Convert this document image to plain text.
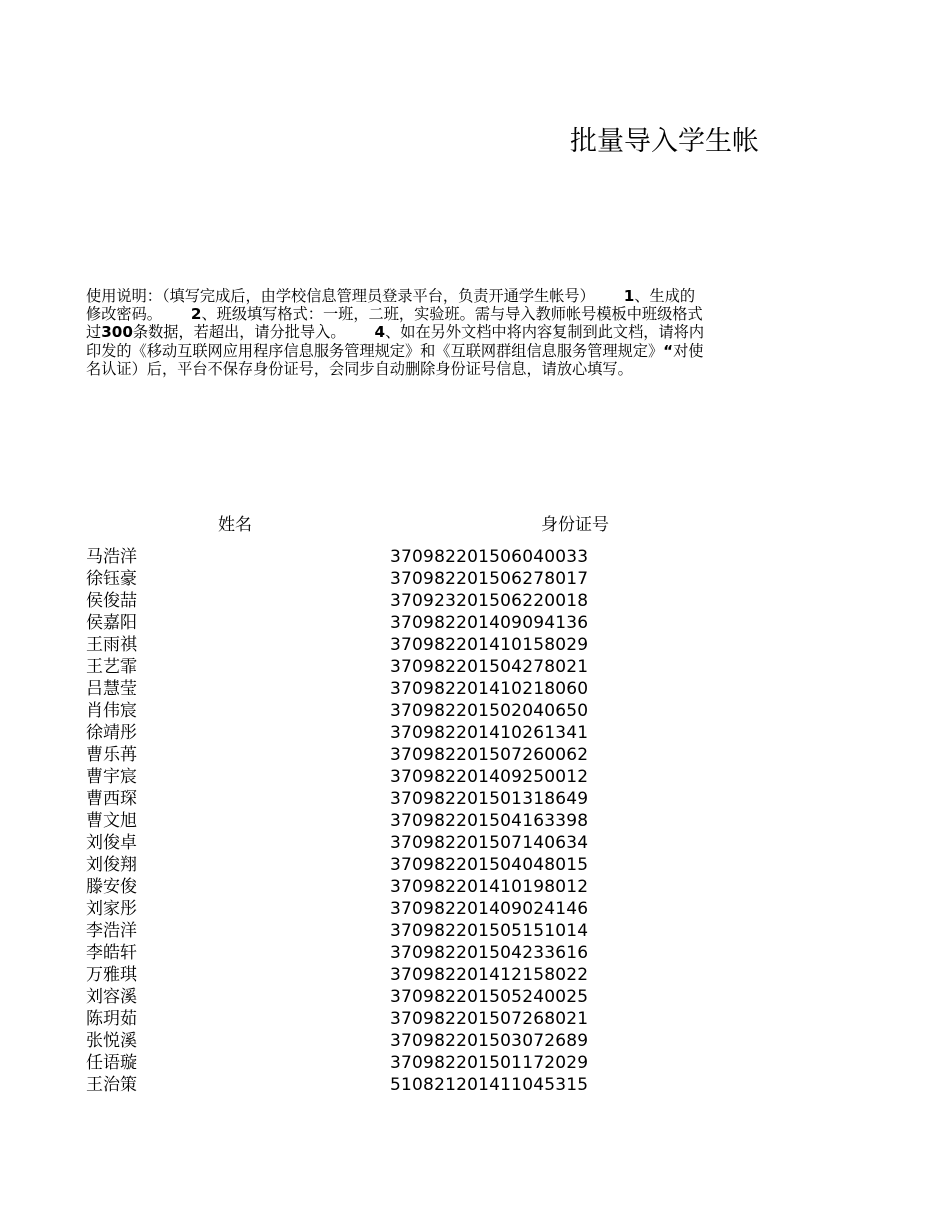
批量导入学生帐
使用说明：（填写完成后，由学校信息管理员登录平台，负责开通学生帐号） 1、生成的
修改密码。 2、班级填写格式：一班，二班，实验班。需与导入教师帐号模板中班级格式
过300条数据，若超出，请分批导入。 4、如在另外文档中将内容复制到此文档，请将内
印发的《移动互联网应用程序信息服务管理规定》和《互联网群组信息服务管理规定》“对使
名认证）后，平台不保存身份证号，会同步自动删除身份证号信息，请放心填写。
姓名	身份证号
马浩洋	370982201506040033
徐钰豪	370982201506278017
侯俊喆	370923201506220018
侯嘉阳	370982201409094136
王雨祺	370982201410158029
王艺霏	370982201504278021
吕慧莹	370982201410218060
肖伟宸	370982201502040650
徐靖彤	370982201410261341
曹乐苒	370982201507260062
曹宇宸	370982201409250012
曹西琛	370982201501318649
曹文旭	370982201504163398
刘俊卓	370982201507140634
刘俊翔	370982201504048015
滕安俊	370982201410198012
刘家彤	370982201409024146
李浩洋	370982201505151014
李皓轩	370982201504233616
万雅琪	370982201412158022
刘容溪	370982201505240025
陈玥茹	370982201507268021
张悦溪	370982201503072689
任语璇	370982201501172029
王治策	510821201411045315
